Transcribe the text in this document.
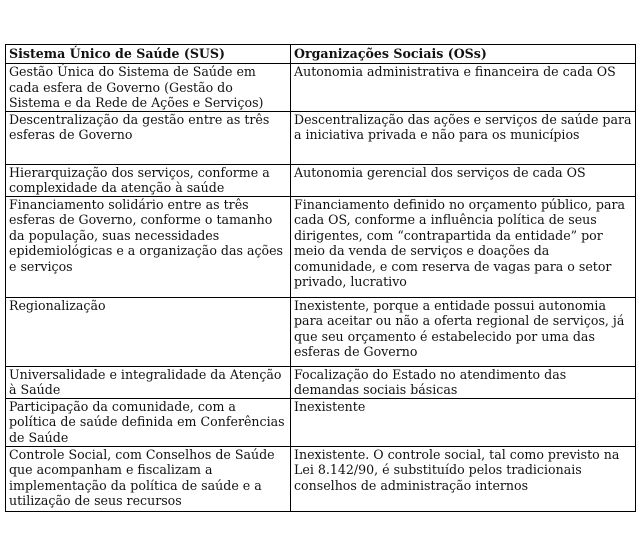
Sistema Único de Saúde (SUS)	Organizações Sociais (OSs)
Gestão Única do Sistema de Saúde em cada esfera de Governo (Gestão do Sistema e da Rede de Ações e Serviços)	Autonomia administrativa e financeira de cada OS
Descentralização da gestão entre as três esferas de Governo	Descentralização das ações e serviços de saúde para a iniciativa privada e não para os municípios
Hierarquização dos serviços, conforme a complexidade da atenção à saúde	Autonomia gerencial dos serviços de cada OS
Financiamento solidário entre as três esferas de Governo, conforme o tamanho da população, suas necessidades epidemiológicas e a organização das ações e serviços	Financiamento definido no orçamento público, para cada OS, conforme a influência política de seus dirigentes, com “contrapartida da entidade” por meio da venda de serviços e doações da comunidade, e com reserva de vagas para o setor privado, lucrativo
Regionalização	Inexistente, porque a entidade possui autonomia para aceitar ou não a oferta regional de serviços, já que seu orçamento é estabelecido por uma das esferas de Governo
Universalidade e integralidade da Atenção à Saúde	Focalização do Estado no atendimento das demandas sociais básicas
Participação da comunidade, com a política de saúde definida em Conferências de Saúde	Inexistente
Controle Social, com Conselhos de Saúde que acompanham e fiscalizam a implementação da política de saúde e a utilização de seus recursos	Inexistente. O controle social, tal como previsto na Lei 8.142/90, é substituído pelos tradicionais conselhos de administração internos
